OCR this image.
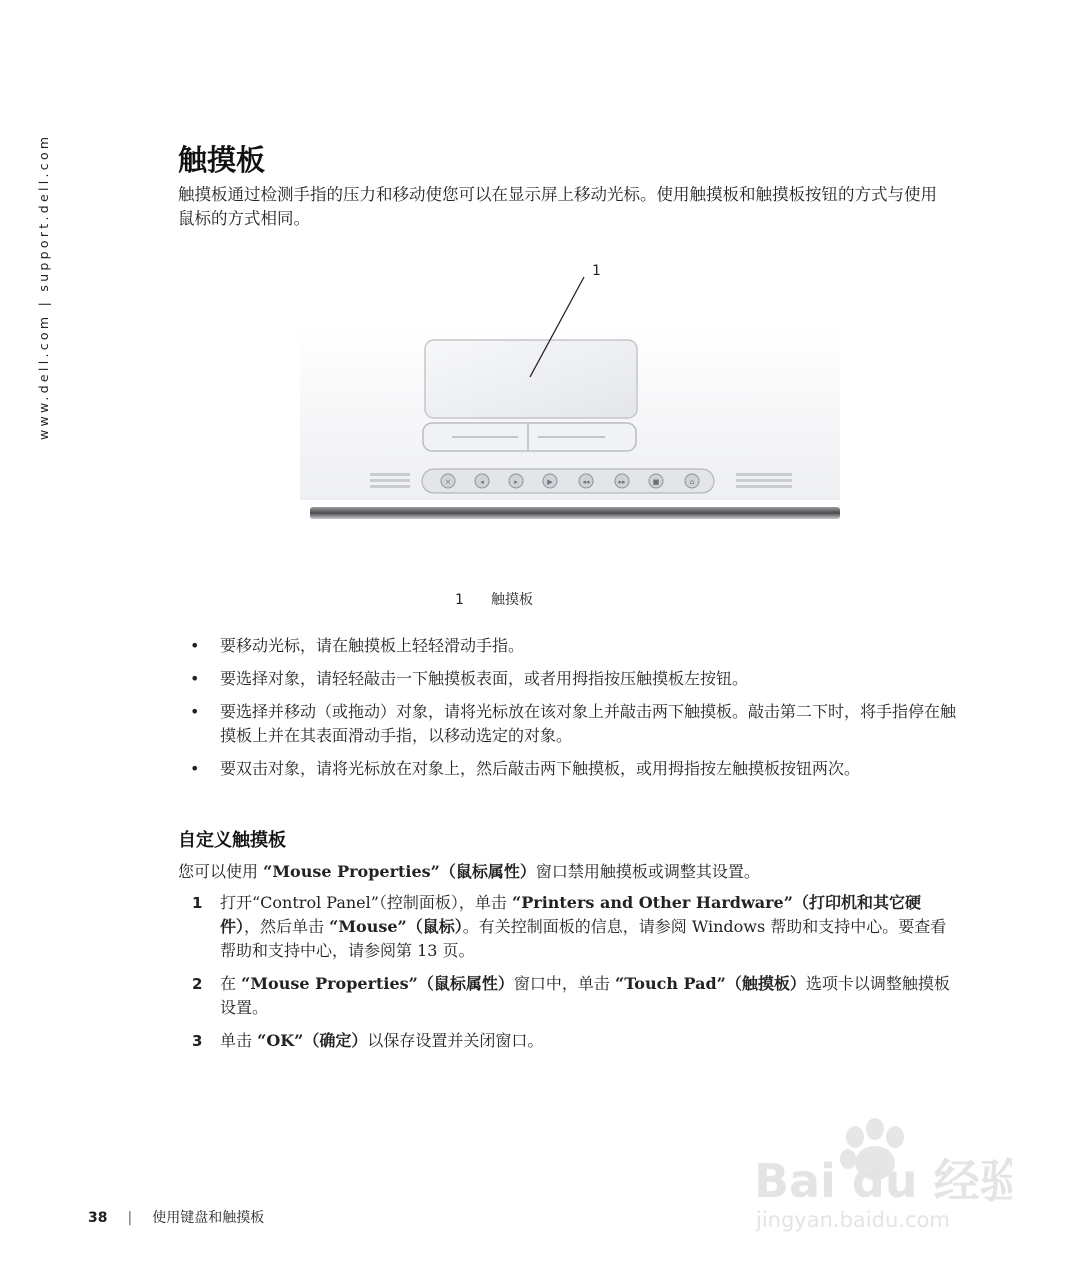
www.dell.com | support.dell.com	触摸板

触摸板通过检测手指的压力和移动使您可以在显示屏上移动光标。使用触摸板和触摸板按钮的方式与使用鼠标的方式相同。

×	◂	▸	▶	◂◂	▸▸	■	⌂
1
1 触摸板
• 要移动光标，请在触摸板上轻轻滑动手指。
• 要选择对象，请轻轻敲击一下触摸板表面，或者用拇指按压触摸板左按钮。
• 要选择并移动（或拖动）对象，请将光标放在该对象上并敲击两下触摸板。敲击第二下时，将手指停在触摸板上并在其表面滑动手指，以移动选定的对象。
• 要双击对象，请将光标放在对象上，然后敲击两下触摸板，或用拇指按左触摸板按钮两次。
自定义触摸板

您可以使用 “Mouse Properties”（鼠标属性）窗口禁用触摸板或调整其设置。

1 打开“Control Panel”（控制面板），单击 “Printers and Other Hardware”（打印机和其它硬件），然后单击 “Mouse”（鼠标）。有关控制面板的信息，请参阅 Windows 帮助和支持中心。要查看帮助和支持中心，请参阅第 13 页。
2 在 “Mouse Properties”（鼠标属性）窗口中，单击 “Touch Pad”（触摸板）选项卡以调整触摸板设置。
3 单击 “OK”（确定）以保存设置并关闭窗口。
38 | 使用键盘和触摸板
Bai du 经验
jingyan.baidu.com
